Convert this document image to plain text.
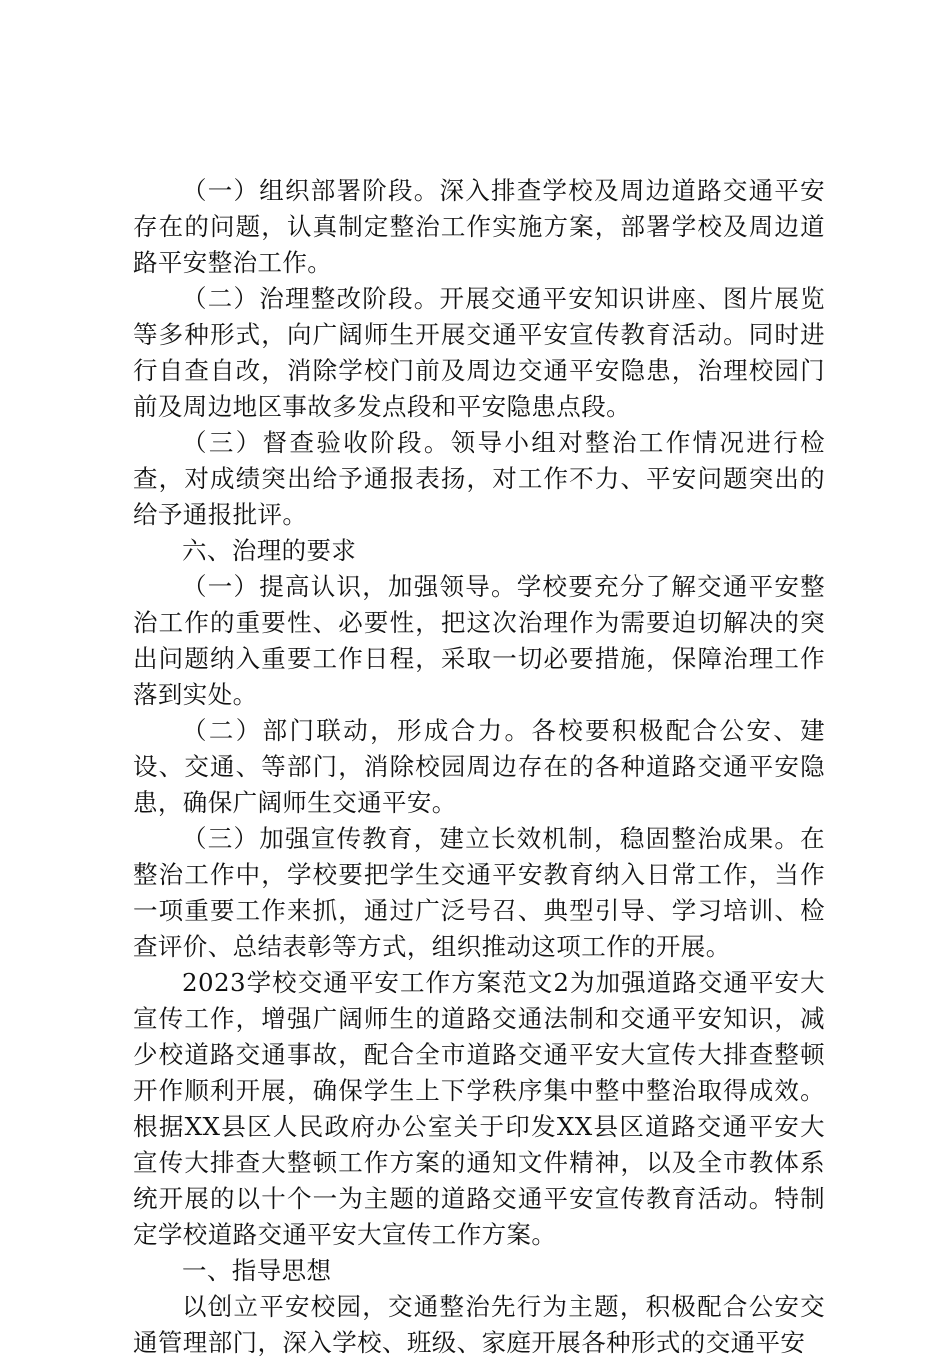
（一）组织部署阶段。深入排查学校及周边道路交通平安存在的问题，认真制定整治工作实施方案，部署学校及周边道路平安整治工作。

（二）治理整改阶段。开展交通平安知识讲座、图片展览等多种形式，向广阔师生开展交通平安宣传教育活动。同时进行自查自改，消除学校门前及周边交通平安隐患，治理校园门前及周边地区事故多发点段和平安隐患点段。

（三）督查验收阶段。领导小组对整治工作情况进行检查，对成绩突出给予通报表扬，对工作不力、平安问题突出的给予通报批评。

六、治理的要求

（一）提高认识，加强领导。学校要充分了解交通平安整治工作的重要性、必要性，把这次治理作为需要迫切解决的突出问题纳入重要工作日程，采取一切必要措施，保障治理工作落到实处。

（二）部门联动，形成合力。各校要积极配合公安、建设、交通、等部门，消除校园周边存在的各种道路交通平安隐患，确保广阔师生交通平安。

（三）加强宣传教育，建立长效机制，稳固整治成果。在整治工作中，学校要把学生交通平安教育纳入日常工作，当作一项重要工作来抓，通过广泛号召、典型引导、学习培训、检查评价、总结表彰等方式，组织推动这项工作的开展。

2023学校交通平安工作方案范文2为加强道路交通平安大宣传工作，增强广阔师生的道路交通法制和交通平安知识，减少校道路交通事故，配合全市道路交通平安大宣传大排查整顿开作顺利开展，确保学生上下学秩序集中整中整治取得成效。根据XX县区人民政府办公室关于印发XX县区道路交通平安大宣传大排查大整顿工作方案的通知文件精神，以及全市教体系统开展的以十个一为主题的道路交通平安宣传教育活动。特制定学校道路交通平安大宣传工作方案。

一、指导思想

以创立平安校园，交通整治先行为主题，积极配合公安交通管理部门，深入学校、班级、家庭开展各种形式的交通平安
